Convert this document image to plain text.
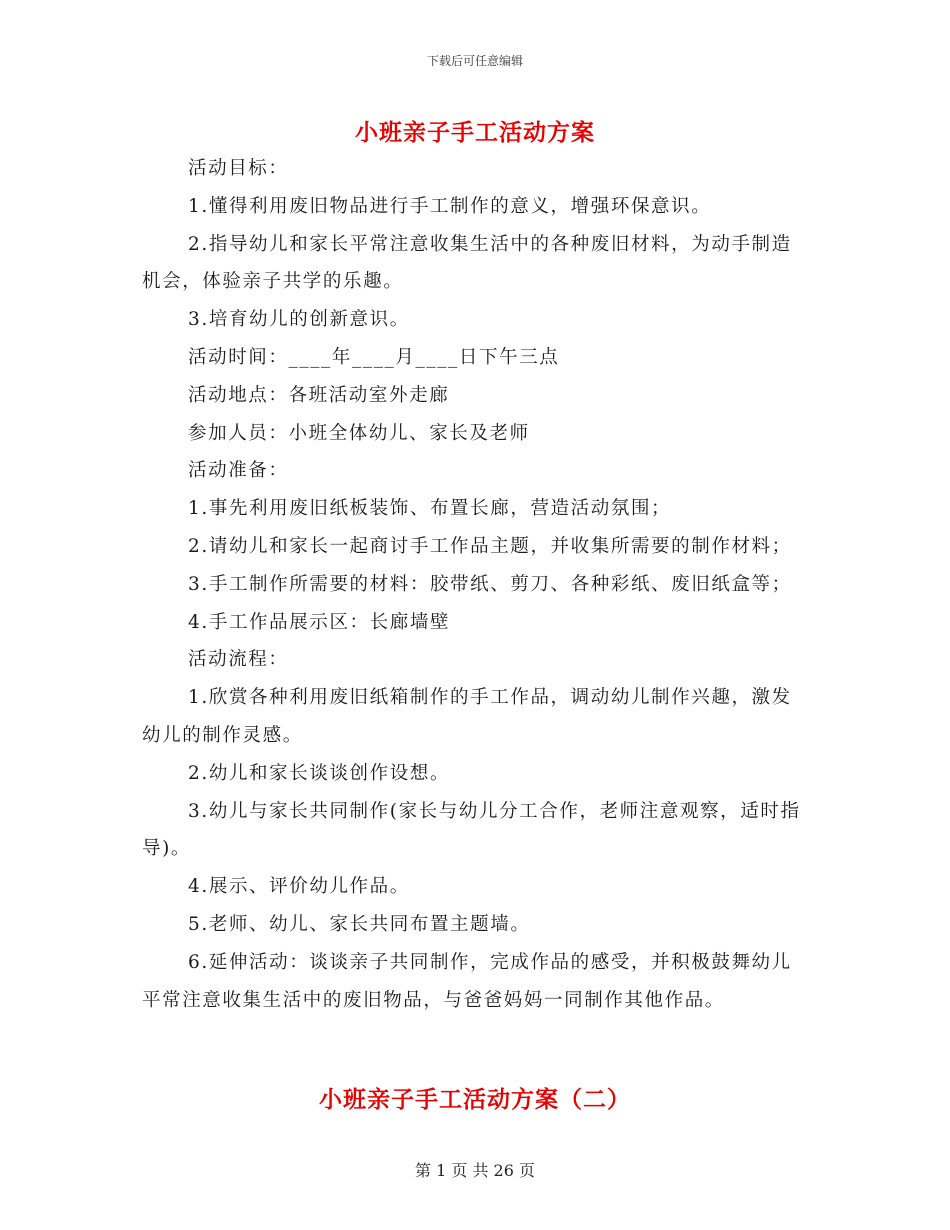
下载后可任意编辑
小班亲子手工活动方案

活动目标：

1.懂得利用废旧物品进行手工制作的意义，增强环保意识。

2.指导幼儿和家长平常注意收集生活中的各种废旧材料，为动手制造机会，体验亲子共学的乐趣。

3.培育幼儿的创新意识。

活动时间：____年____月____日下午三点

活动地点：各班活动室外走廊

参加人员：小班全体幼儿、家长及老师

活动准备：

1.事先利用废旧纸板装饰、布置长廊，营造活动氛围；

2.请幼儿和家长一起商讨手工作品主题，并收集所需要的制作材料；

3.手工制作所需要的材料：胶带纸、剪刀、各种彩纸、废旧纸盒等；

4.手工作品展示区：长廊墙壁

活动流程：

1.欣赏各种利用废旧纸箱制作的手工作品，调动幼儿制作兴趣，激发幼儿的制作灵感。

2.幼儿和家长谈谈创作设想。

3.幼儿与家长共同制作(家长与幼儿分工合作，老师注意观察，适时指导)。

4.展示、评价幼儿作品。

5.老师、幼儿、家长共同布置主题墙。

6.延伸活动：谈谈亲子共同制作，完成作品的感受，并积极鼓舞幼儿平常注意收集生活中的废旧物品，与爸爸妈妈一同制作其他作品。

小班亲子手工活动方案（二）
第 1 页 共 26 页
